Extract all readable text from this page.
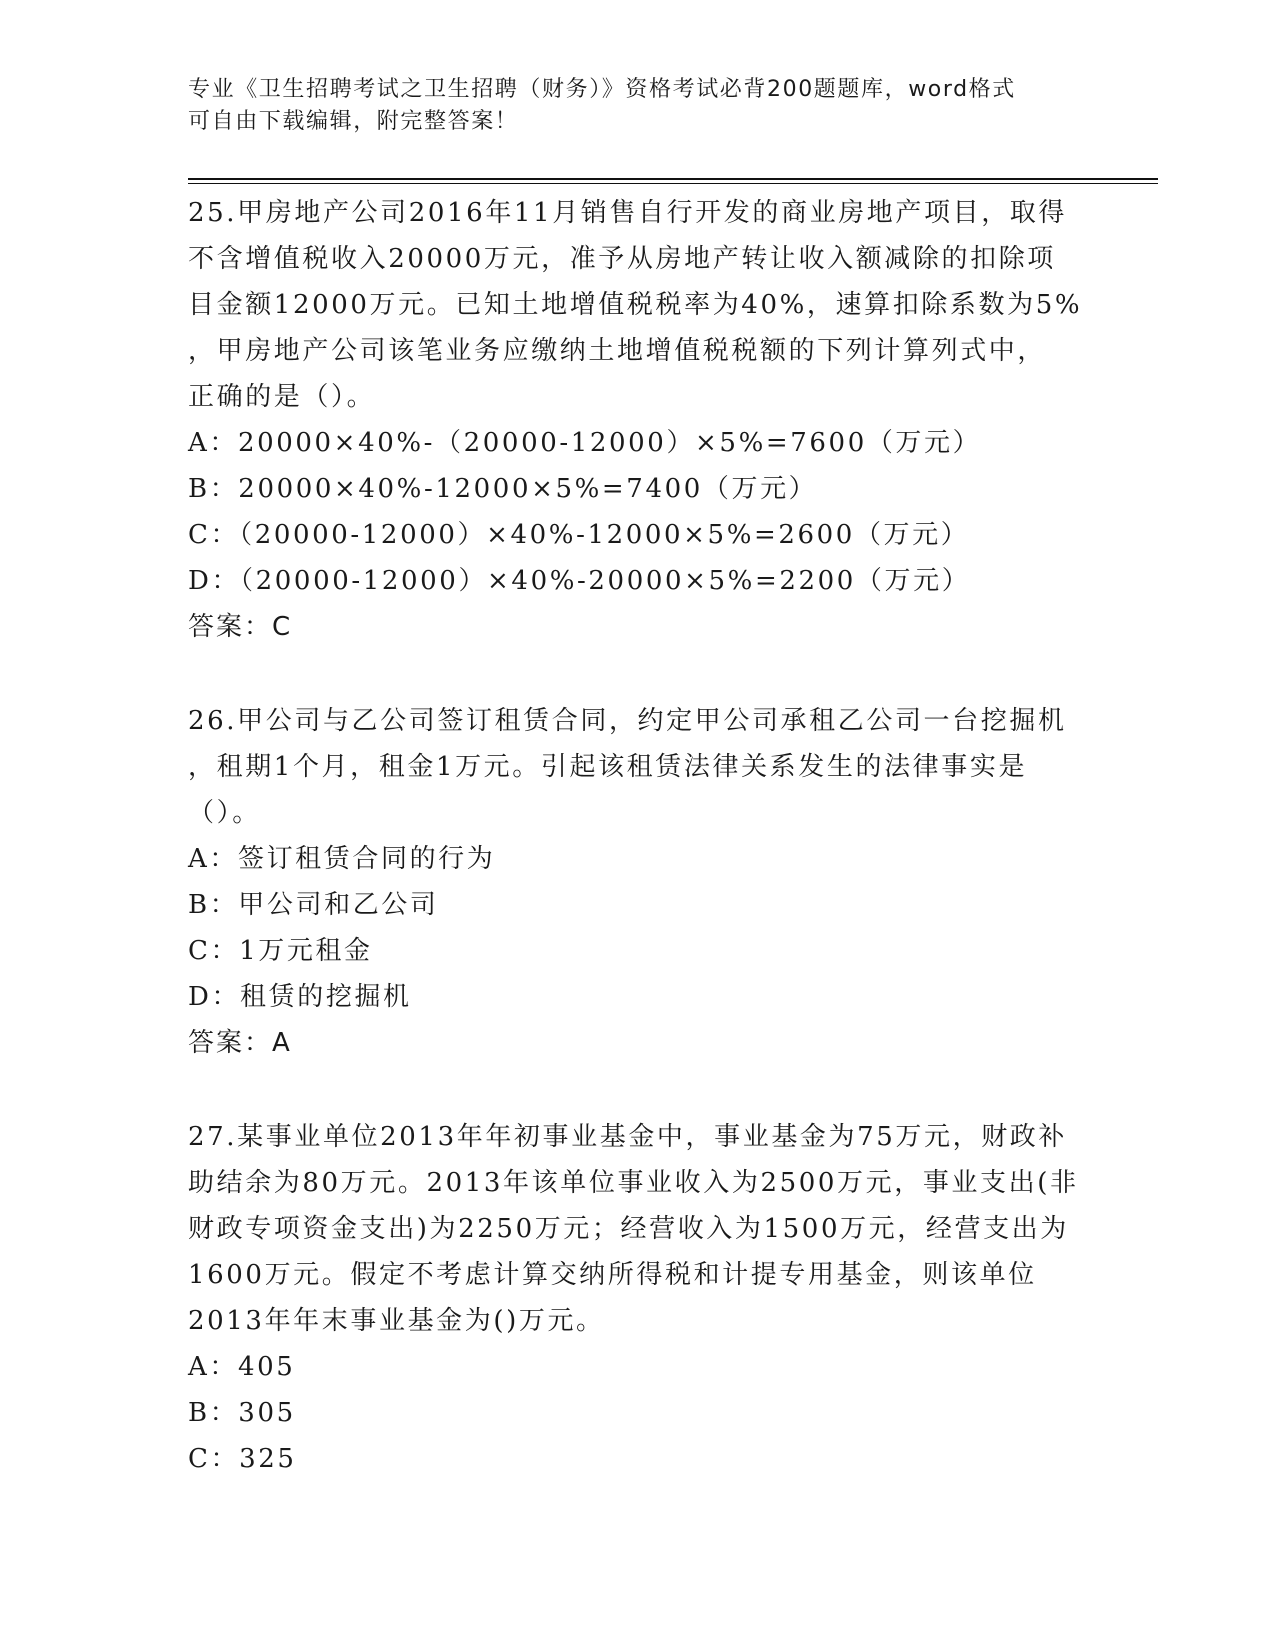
专业《卫生招聘考试之卫生招聘（财务）》资格考试必背200题题库，word格式
可自由下载编辑，附完整答案！
25.甲房地产公司2016年11月销售自行开发的商业房地产项目，取得
不含增值税收入20000万元，准予从房地产转让收入额减除的扣除项
目金额12000万元。已知土地增值税税率为40%，速算扣除系数为5%
，甲房地产公司该笔业务应缴纳土地增值税税额的下列计算列式中，
正确的是（）。
A：20000×40%-（20000-12000）×5%=7600（万元）
B：20000×40%-12000×5%=7400（万元）
C：（20000-12000）×40%-12000×5%=2600（万元）
D：（20000-12000）×40%-20000×5%=2200（万元）
答案：C
26.甲公司与乙公司签订租赁合同，约定甲公司承租乙公司一台挖掘机
，租期1个月，租金1万元。引起该租赁法律关系发生的法律事实是
（）。
A：签订租赁合同的行为
B：甲公司和乙公司
C：1万元租金
D：租赁的挖掘机
答案：A
27.某事业单位2013年年初事业基金中，事业基金为75万元，财政补
助结余为80万元。2013年该单位事业收入为2500万元，事业支出(非
财政专项资金支出)为2250万元；经营收入为1500万元，经营支出为
1600万元。假定不考虑计算交纳所得税和计提专用基金，则该单位
2013年年末事业基金为()万元。
A：405
B：305
C：325
